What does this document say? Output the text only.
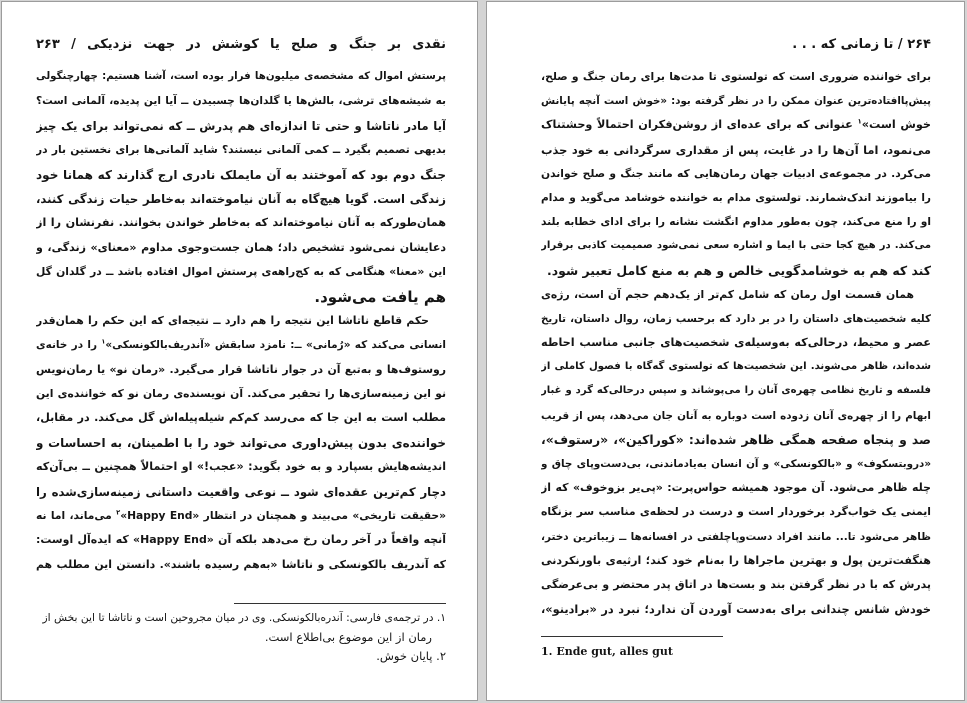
نقدی بر جنگ و صلح یا کوشش در جهت نزدیکی / ۲۶۳
پرستش اموال که مشخصه‌ی میلیون‌ها فرار بوده است، آشنا هستیم: چهارچنگولی
به شیشه‌های ترشی، بالش‌ها یا گلدان‌ها چسبیدن ــ آیا این پدیده، آلمانی است؟
آیا مادر ناتاشا و حتی تا اندازه‌ای هم پدرش ــ که نمی‌تواند برای یک چیز
بدیهی تصمیم بگیرد ــ کمی آلمانی نیستند؟ شاید آلمانی‌ها برای نخستین بار در
جنگ دوم بود که آموختند به آن مایملک نادری ارج گذارند که همانا خود
زندگی است. گویا هیچ‌گاه به آنان نیاموخته‌اند به‌خاطر حیات زندگی کنند،
همان‌طورکه به آنان نیاموخته‌اند که به‌خاطر خواندن بخوانند. نفرنشان را از
دعایشان نمی‌شود تشخیص داد؛ همان جست‌وجوی مداوم «معنای» زندگی، و
این «معنا» هنگامی که به کج‌راهه‌ی پرستش اموال افتاده باشد ــ در گلدان گل
هم یافت می‌شود.
حکم قاطع ناتاشا این نتیجه را هم دارد ــ نتیجه‌ای که این حکم را همان‌قدر
انسانی می‌کند که «رُمانی» ــ: نامزد سابقش «آندریف‌بالکونسکی»$^۱$ را در خانه‌ی
روستوف‌ها و به‌تبع آن در جوار ناتاشا قرار می‌گیرد. «رمان نو» یا رمان‌نویس
نو این زمینه‌سازی‌ها را تحقیر می‌کند. آن نویسنده‌ی رمان نو که خواننده‌ی این
مطلب است به این جا که می‌رسد کم‌کم شیله‌پیله‌اش گل می‌کند. در مقابل،
خواننده‌ی بدون پیش‌داوری می‌تواند خود را با اطمینان، به احساسات و
اندیشه‌هایش بسپارد و به خود بگوید: «عجب!» او احتمالاً همچنین ــ بی‌آن‌که
دچار کم‌ترین عقده‌ای شود ــ نوعی واقعیت داستانی زمینه‌سازی‌شده را
«حقیقت تاریخی» می‌بیند و همچنان در انتظار «Happy End»$^۲$ می‌ماند، اما نه
آنچه واقعاً در آخر رمان رخ می‌دهد بلکه آن «Happy End» که ایده‌آل اوست:
که آندریف بالکونسکی و ناتاشا «به‌هم رسیده باشند». دانستن این مطلب هم
۱. در ترجمه‌ی فارسی: آندره‌بالکونسکی. وی در میان مجروحین است و ناتاشا تا این بخش از
رمان از این موضوع بی‌اطلاع است.
۲. پایان خوش.
۲۶۴ / تا زمانی که . . .
برای خواننده ضروری است که تولستوی تا مدت‌ها برای رمان جنگ و صلح،
پیش‌پاافتاده‌ترین عنوان ممکن را در نظر گرفته بود: «خوش است آنچه پایانش
خوش است»$^۱$ عنوانی که برای عده‌ای از روشن‌فکران احتمالاً وحشتناک
می‌نمود، اما آن‌ها را در غایت، پس از مقداری سرگردانی به خود جذب
می‌کرد. در مجموعه‌ی ادبیات جهان رمان‌هایی که مانند جنگ و صلح خواندن
را بیاموزند اندک‌شمارند. تولستوی مدام به خواننده خوشامد می‌گوید و مدام
او را منع می‌کند، چون به‌طور مداوم انگشت نشانه را برای ادای خطابه بلند
می‌کند. در هیچ کجا حتی با ایما و اشاره سعی نمی‌شود صمیمیت کاذبی برقرار
کند که هم به خوشامدگویی خالص و هم به منع کامل تعبیر شود.
همان قسمت اول رمان که شامل کم‌تر از یک‌دهم حجم آن است، رژه‌ی
کلیه شخصیت‌های داستان را در بر دارد که برحسب زمان، روال داستان، تاریخ
عصر و محیط، درحالی‌که به‌وسیله‌ی شخصیت‌های جانبی مناسب احاطه
شده‌اند، ظاهر می‌شوند. این شخصیت‌ها که تولستوی گه‌گاه با فصول کاملی از
فلسفه و تاریخ نظامی چهره‌ی آنان را می‌پوشاند و سپس درحالی‌که گرد و غبار
ابهام را از چهره‌ی آنان زدوده است دوباره به آنان جان می‌دهد، پس از قریب
صد و پنجاه صفحه همگی ظاهر شده‌اند: «کوراکین»، «رستوف»،
«دروبتسکوف» و «بالکونسکی» و آن انسان به‌یادماندنی، بی‌دست‌وپای چاق و
چله ظاهر می‌شود. آن موجود همیشه حواس‌پرت: «پی‌یر بزوخوف» که از
ایمنی یک خواب‌گرد برخوردار است و درست در لحظه‌ی مناسب سر بزنگاه
ظاهر می‌شود تا... مانند افراد دست‌وپاچلفتی در افسانه‌ها ــ زیباترین دختر،
هنگفت‌ترین پول و بهترین ماجراها را به‌نام خود کند؛ ارثیه‌ی باورنکردنی
پدرش که با در نظر گرفتن بند و بست‌ها در اتاق پدر محتضر و بی‌عرضگی
خودش شانس چندانی برای به‌دست آوردن آن ندارد؛ نبرد در «برادینو»،
1. Ende gut, alles gut
